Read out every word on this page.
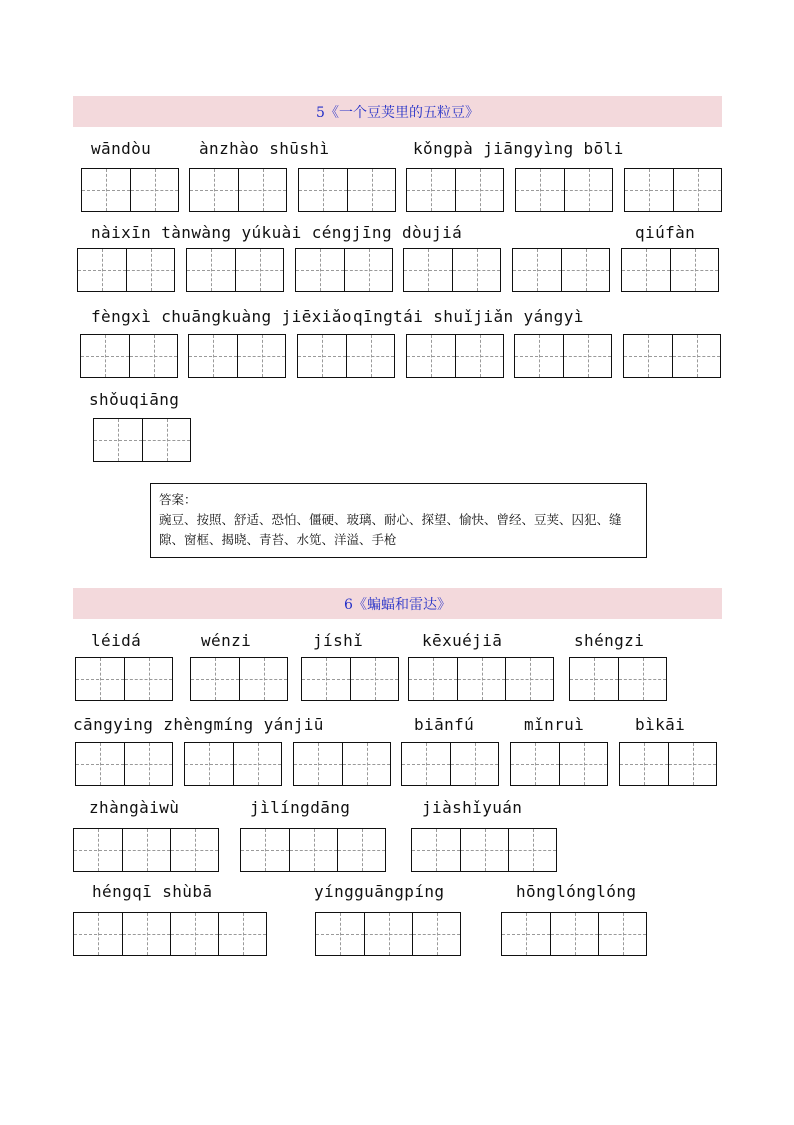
5《一个豆荚里的五粒豆》
wāndòu	ànzhào shūshì	kǒngpà jiāngyìng bōli
nàixīn tànwàng yúkuài céngjīng dòujiá	qiúfàn
fèngxì chuāngkuàng jiēxiǎo qīngtái shuǐjiǎn yángyì
shǒuqiāng
答案：
豌豆、按照、舒适、恐怕、僵硬、玻璃、耐心、探望、愉快、曾经、豆荚、囚犯、缝隙、窗框、揭晓、青苔、水笕、洋溢、手枪
6《蝙蝠和雷达》
léidá	wénzi	jíshǐ	kēxuéjiā	shéngzi
cāngying zhèngmíng yánjiū	biānfú	mǐnruì	bìkāi
zhàngàiwù	jìlíngdāng	jiàshǐyuán
héngqī shùbā	yíngguāngpíng	hōnglónglóng
